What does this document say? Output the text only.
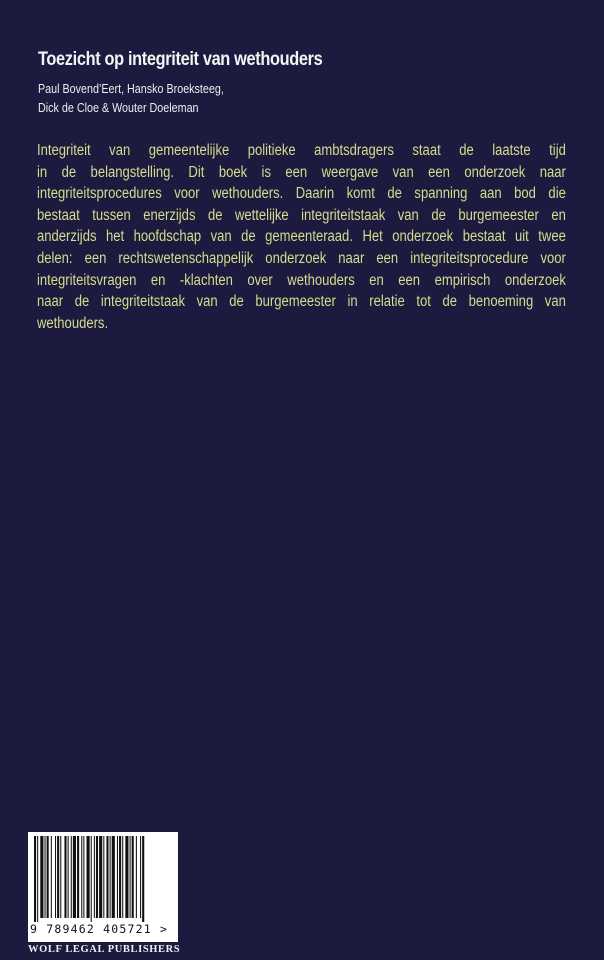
Toezicht op integriteit van wethouders
Paul Bovend’Eert, Hansko Broeksteeg,
Dick de Cloe & Wouter Doeleman
Integriteit van gemeentelijke politieke ambtsdragers staat de laatste tijd
in de belangstelling. Dit boek is een weergave van een onderzoek naar
integriteitsprocedures voor wethouders. Daarin komt de spanning aan bod die
bestaat tussen enerzijds de wettelijke integriteitstaak van de burgemeester en
anderzijds het hoofdschap van de gemeenteraad. Het onderzoek bestaat uit twee
delen: een rechtswetenschappelijk onderzoek naar een integriteitsprocedure voor
integriteitsvragen en -klachten over wethouders en een empirisch onderzoek
naar de integriteitstaak van de burgemeester in relatie tot de benoeming van
wethouders.
9 789462 405721 >
WOLF LEGAL PUBLISHERS
